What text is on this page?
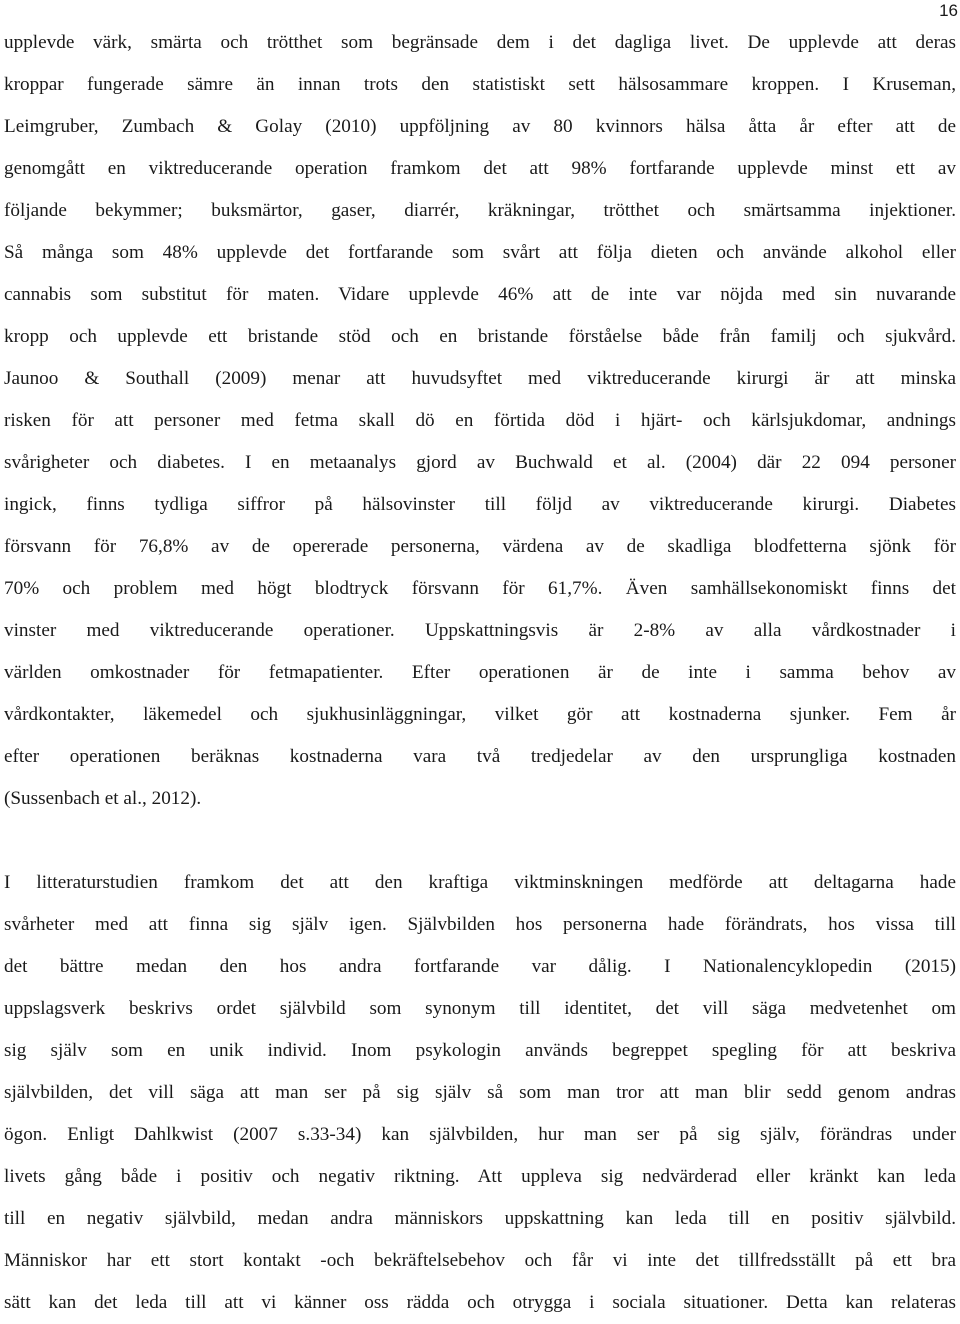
16
upplevde värk, smärta och trötthet som begränsade dem i det dagliga livet. De upplevde att deras
kroppar fungerade sämre än innan trots den statistiskt sett hälsosammare kroppen. I Kruseman,
Leimgruber, Zumbach & Golay (2010) uppföljning av 80 kvinnors hälsa åtta år efter att de
genomgått en viktreducerande operation framkom det att 98% fortfarande upplevde minst ett av
följande bekymmer; buksmärtor, gaser, diarrér, kräkningar, trötthet och smärtsamma injektioner.
Så många som 48% upplevde det fortfarande som svårt att följa dieten och använde alkohol eller
cannabis som substitut för maten. Vidare upplevde 46% att de inte var nöjda med sin nuvarande
kropp och upplevde ett bristande stöd och en bristande förståelse både från familj och sjukvård.
Jaunoo & Southall (2009) menar att huvudsyftet med viktreducerande kirurgi är att minska
risken för att personer med fetma skall dö en förtida död i hjärt- och kärlsjukdomar, andnings
svårigheter och diabetes. I en metaanalys gjord av Buchwald et al. (2004) där 22 094 personer
ingick, finns tydliga siffror på hälsovinster till följd av viktreducerande kirurgi. Diabetes
försvann för 76,8% av de opererade personerna, värdena av de skadliga blodfetterna sjönk för
70% och problem med högt blodtryck försvann för 61,7%. Även samhällsekonomiskt finns det
vinster med viktreducerande operationer. Uppskattningsvis är 2-8% av alla vårdkostnader i
världen omkostnader för fetmapatienter. Efter operationen är de inte i samma behov av
vårdkontakter, läkemedel och sjukhusinläggningar, vilket gör att kostnaderna sjunker. Fem år
efter operationen beräknas kostnaderna vara två tredjedelar av den ursprungliga kostnaden
(Sussenbach et al., 2012).
I litteraturstudien framkom det att den kraftiga viktminskningen medförde att deltagarna hade
svårheter med att finna sig själv igen. Självbilden hos personerna hade förändrats, hos vissa till
det bättre medan den hos andra fortfarande var dålig. I Nationalencyklopedin (2015)
uppslagsverk beskrivs ordet självbild som synonym till identitet, det vill säga medvetenhet om
sig själv som en unik individ. Inom psykologin används begreppet spegling för att beskriva
självbilden, det vill säga att man ser på sig själv så som man tror att man blir sedd genom andras
ögon. Enligt Dahlkwist (2007 s.33-34) kan självbilden, hur man ser på sig själv, förändras under
livets gång både i positiv och negativ riktning. Att uppleva sig nedvärderad eller kränkt kan leda
till en negativ självbild, medan andra människors uppskattning kan leda till en positiv självbild.
Människor har ett stort kontakt -och bekräftelsebehov och får vi inte det tillfredsställt på ett bra
sätt kan det leda till att vi känner oss rädda och otrygga i sociala situationer. Detta kan relateras
